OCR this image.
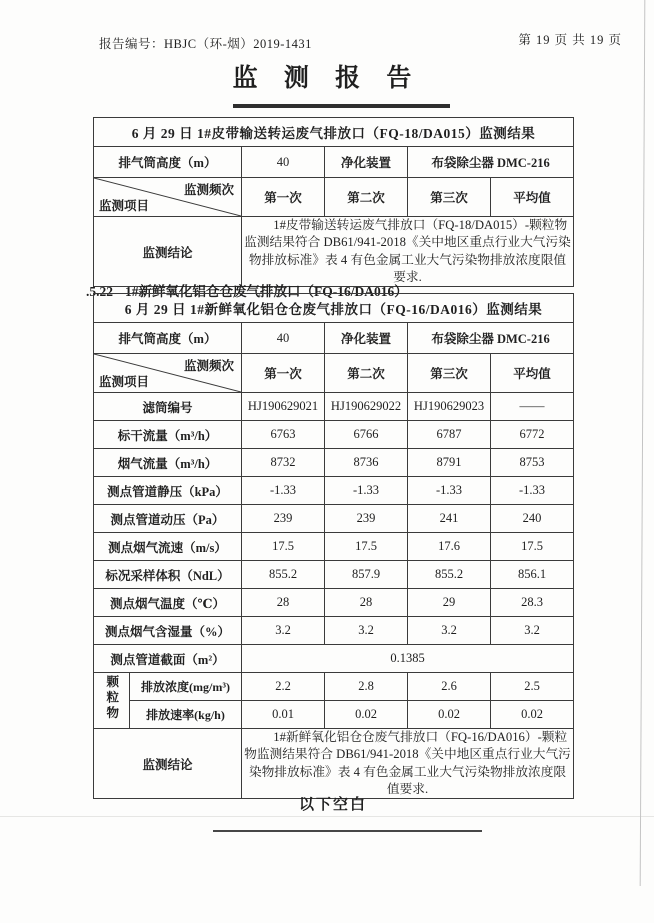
报告编号：HBJC（环-烟）2019-1431	第 19 页 共 19 页
监 测 报 告
6 月 29 日 1#皮带输送转运废气排放口（FQ-18/DA015）监测结果				
排气筒高度（m）	40	净化装置	布袋除尘器 DMC-216	

监测频次
监测项目	第一次	第二次	第三次	平均值
监测结论	1#皮带输送转运废气排放口（FQ-18/DA015）-颗粒物监测结果符合 DB61/941-2018《关中地区重点行业大气污染物排放标准》表 4 有色金属工业大气污染物排放浓度限值要求.			
.5.22 1#新鲜氧化铝仓仓废气排放口（FQ-16/DA016）
6 月 29 日 1#新鲜氧化铝仓仓废气排放口（FQ-16/DA016）监测结果					
排气筒高度（m）		40	净化装置	布袋除尘器 DMC-216	

监测频次
监测项目		第一次	第二次	第三次	平均值
滤筒编号		HJ190629021	HJ190629022	HJ190629023	——
标干流量（m³/h）		6763	6766	6787	6772
烟气流量（m³/h）		8732	8736	8791	8753
测点管道静压（kPa）		-1.33	-1.33	-1.33	-1.33
测点管道动压（Pa）		239	239	241	240
测点烟气流速（m/s）		17.5	17.5	17.6	17.5
标况采样体积（NdL）		855.2	857.9	855.2	856.1
测点烟气温度（℃）		28	28	29	28.3
测点烟气含湿量（%）		3.2	3.2	3.2	3.2
测点管道截面（m²）		0.1385			
颗粒物	排放浓度(mg/m³)	2.2	2.8	2.6	2.5
	排放速率(kg/h)	0.01	0.02	0.02	0.02
监测结论		1#新鲜氧化铝仓仓废气排放口（FQ-16/DA016）-颗粒物监测结果符合 DB61/941-2018《关中地区重点行业大气污染物排放标准》表 4 有色金属工业大气污染物排放浓度限值要求.			
以下空白
